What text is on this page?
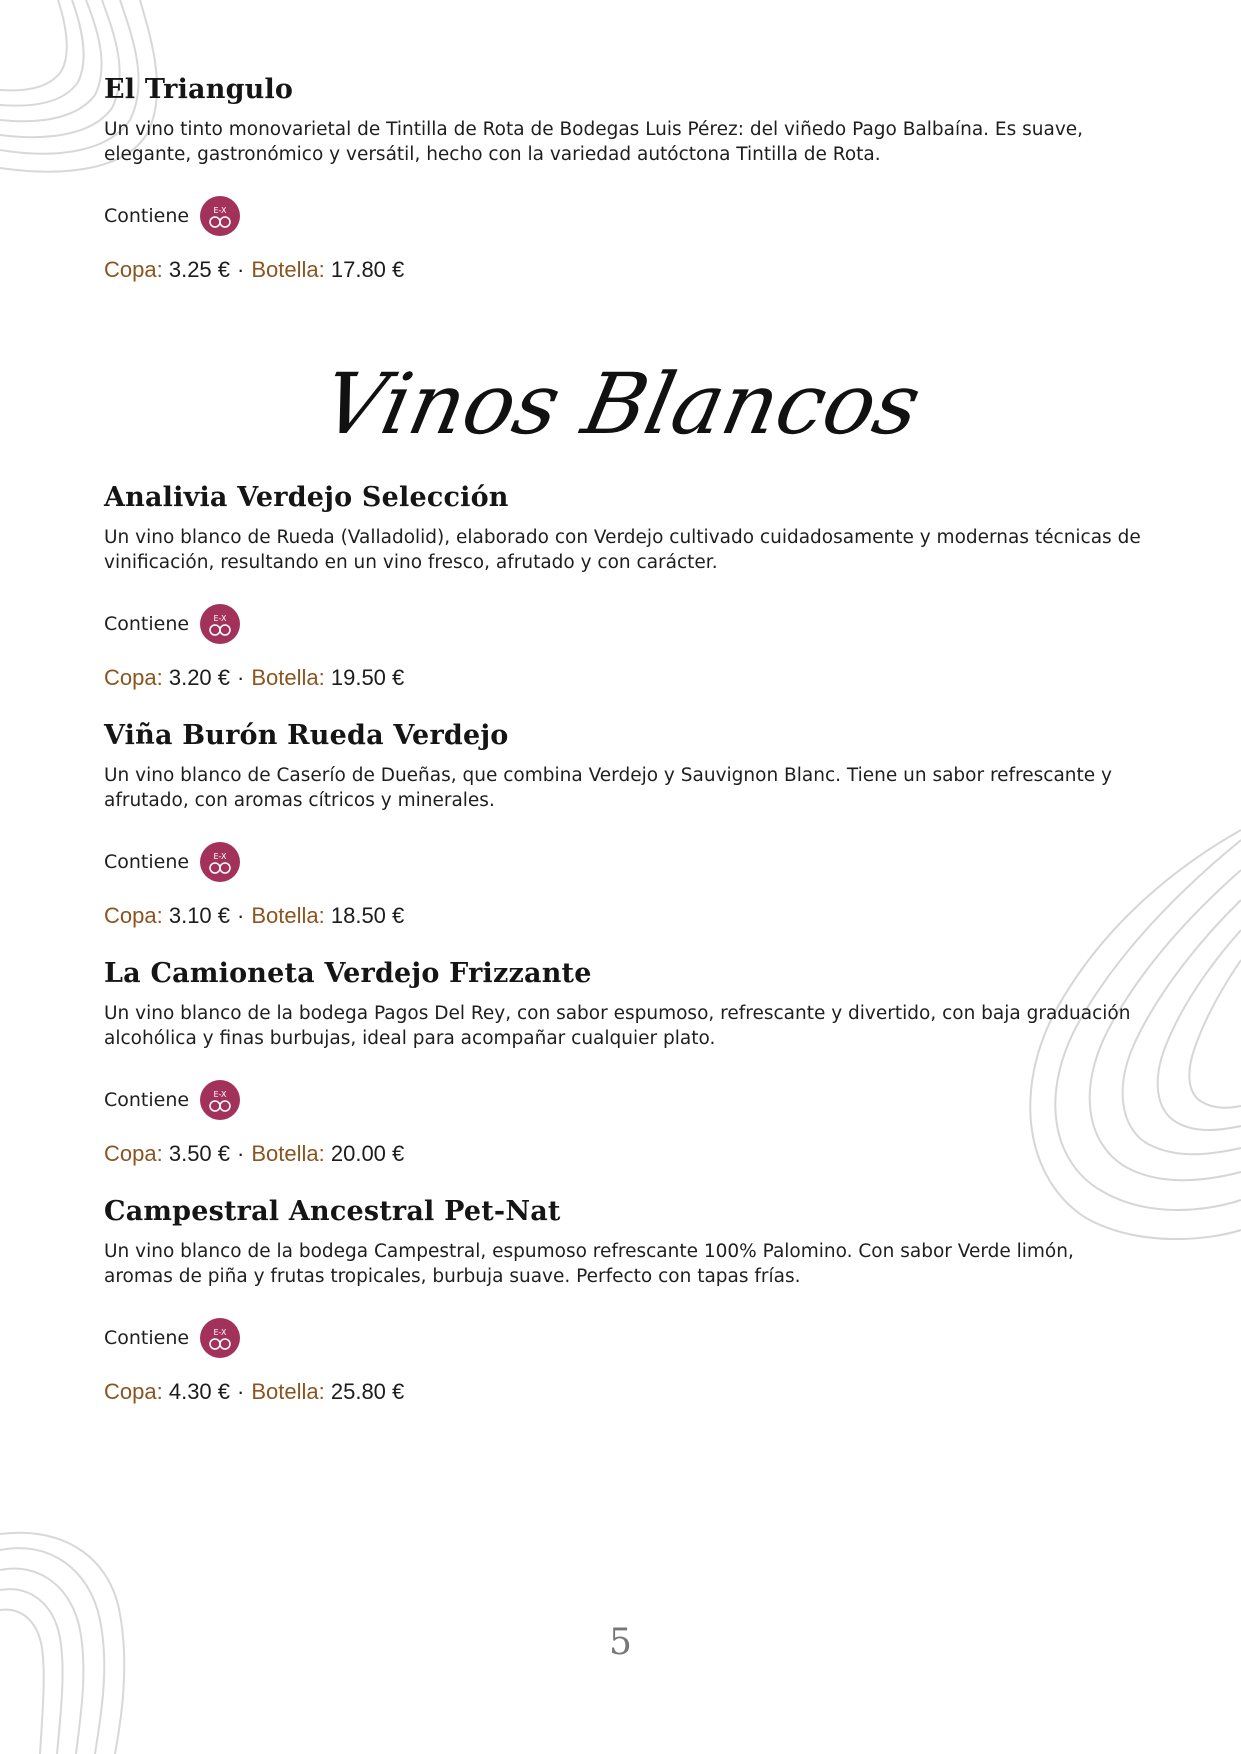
El Triangulo

Un vino tinto monovarietal de Tintilla de Rota de Bodegas Luis Pérez: del viñedo Pago Balbaína. Es suave, elegante, gastronómico y versátil, hecho con la variedad autóctona Tintilla de Rota.

Contiene	E-X
Copa: 3.25 € · Botella: 17.80 €
Vinos Blancos
Analivia Verdejo Selección

Un vino blanco de Rueda (Valladolid), elaborado con Verdejo cultivado cuidadosamente y modernas técnicas de vinificación, resultando en un vino fresco, afrutado y con carácter.

Contiene	E-X
Copa: 3.20 € · Botella: 19.50 €
Viña Burón Rueda Verdejo

Un vino blanco de Caserío de Dueñas, que combina Verdejo y Sauvignon Blanc. Tiene un sabor refrescante y afrutado, con aromas cítricos y minerales.

Contiene	E-X
Copa: 3.10 € · Botella: 18.50 €
La Camioneta Verdejo Frizzante

Un vino blanco de la bodega Pagos Del Rey, con sabor espumoso, refrescante y divertido, con baja graduación alcohólica y finas burbujas, ideal para acompañar cualquier plato.

Contiene	E-X
Copa: 3.50 € · Botella: 20.00 €
Campestral Ancestral Pet-Nat

Un vino blanco de la bodega Campestral, espumoso refrescante 100% Palomino. Con sabor Verde limón, aromas de piña y frutas tropicales, burbuja suave. Perfecto con tapas frías.

Contiene	E-X
Copa: 4.30 € · Botella: 25.80 €
5
